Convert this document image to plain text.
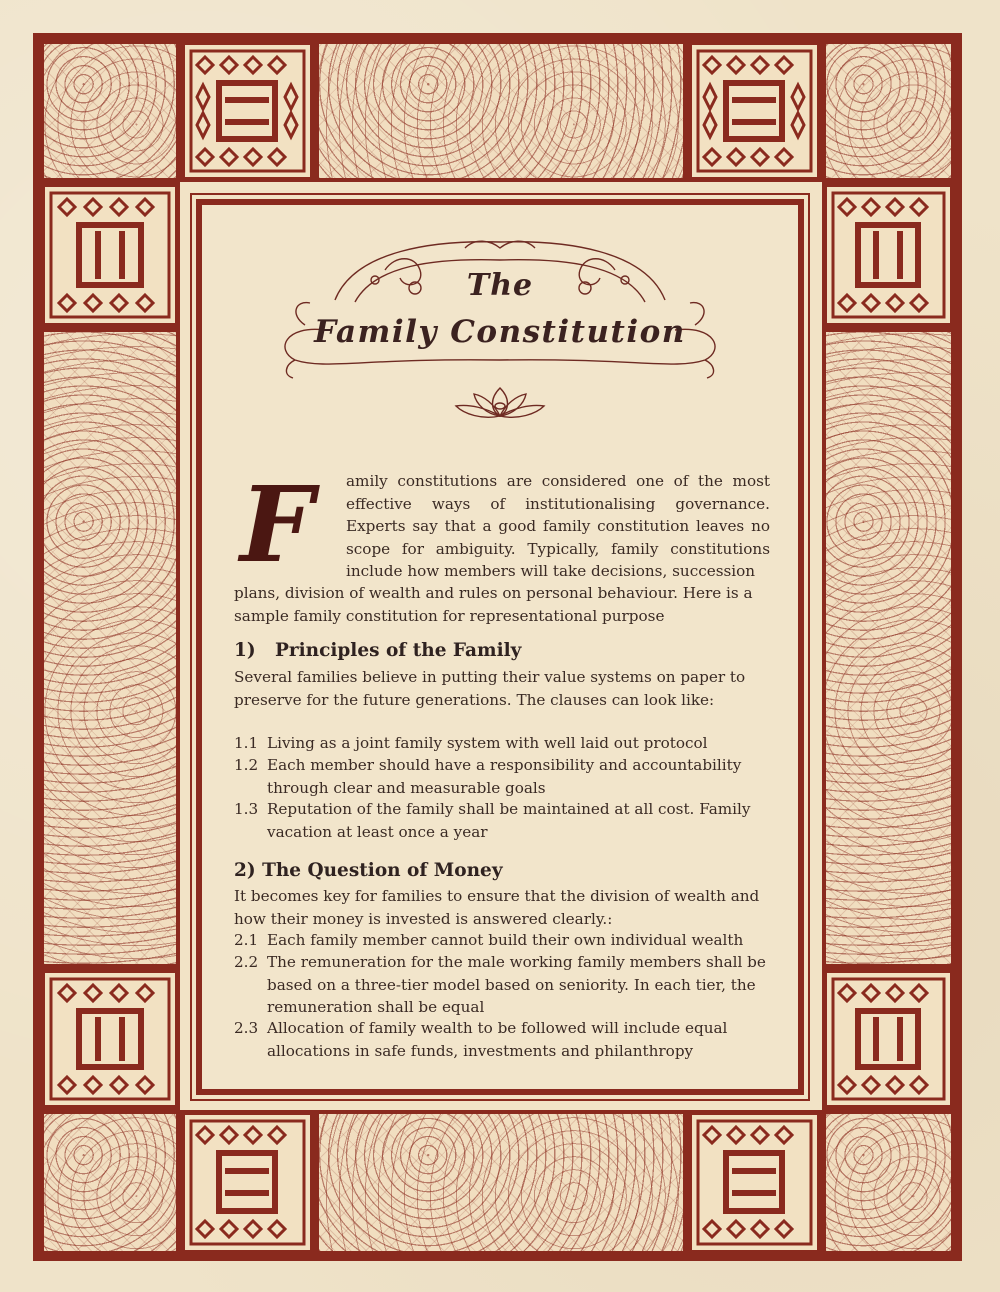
The
Family Constitution
F	amily constitutions are considered one of the most effective ways of institutionalising governance. Experts say that a good family constitution leaves no scope for ambiguity. Typically, family constitutions include how members will take decisions, succession
plans, division of wealth and rules on personal behaviour. Here is a sample family constitution for representational purpose
1)   Principles of the Family
Several families believe in putting their value systems on paper to preserve for the future generations. The clauses can look like:
1.1 Living as a joint family system with well laid out protocol
1.2 Each member should have a responsibility and accountability through clear and measurable goals
1.3 Reputation of the family shall be maintained at all cost. Family vacation at least once a year
2) The Question of Money
It becomes key for families to ensure that the division of wealth and how their money is invested is answered clearly.:
2.1 Each family member cannot build their own individual wealth
2.2 The remuneration for the male working family members shall be based on a three-tier model based on seniority. In each tier, the remuneration shall be equal
2.3 Allocation of family wealth to be followed will include equal allocations in safe funds, investments and philanthropy
